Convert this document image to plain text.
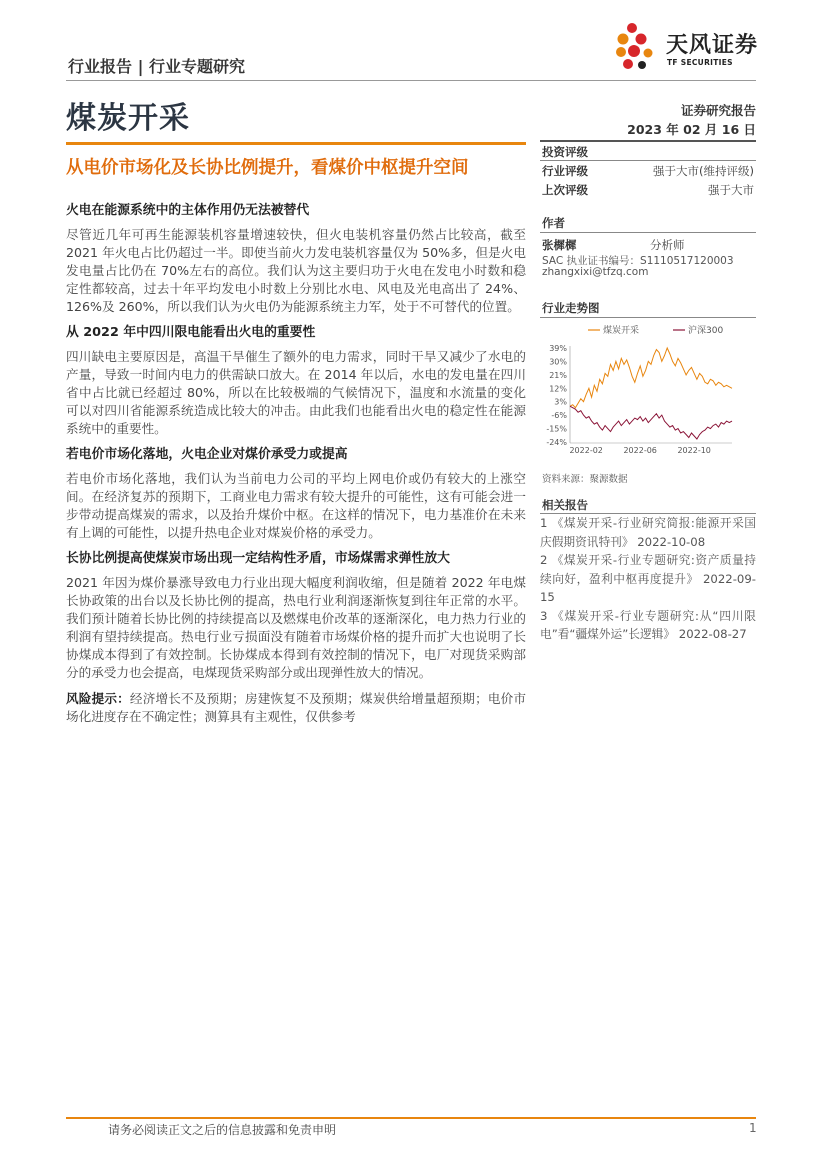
行业报告 | 行业专题研究
天风证券
TF SECURITIES
煤炭开采	证券研究报告
2023 年 02 月 16 日
从电价市场化及长协比例提升，看煤价中枢提升空间
火电在能源系统中的主体作用仍无法被替代

尽管近几年可再生能源装机容量增速较快，但火电装机容量仍然占比较高，截至 2021 年火电占比仍超过一半。即使当前火力发电装机容量仅为 50%多，但是火电发电量占比仍在 70%左右的高位。我们认为这主要归功于火电在发电小时数和稳定性都较高，过去十年平均发电小时数上分别比水电、风电及光电高出了 24%、126%及 260%，所以我们认为火电仍为能源系统主力军，处于不可替代的位置。

从 2022 年中四川限电能看出火电的重要性

四川缺电主要原因是，高温干旱催生了额外的电力需求，同时干旱又减少了水电的产量，导致一时间内电力的供需缺口放大。在 2014 年以后，水电的发电量在四川省中占比就已经超过 80%，所以在比较极端的气候情况下，温度和水流量的变化可以对四川省能源系统造成比较大的冲击。由此我们也能看出火电的稳定性在能源系统中的重要性。

若电价市场化落地，火电企业对煤价承受力或提高

若电价市场化落地，我们认为当前电力公司的平均上网电价或仍有较大的上涨空间。在经济复苏的预期下，工商业电力需求有较大提升的可能性，这有可能会进一步带动提高煤炭的需求，以及抬升煤价中枢。在这样的情况下，电力基准价在未来有上调的可能性，以提升热电企业对煤炭价格的承受力。

长协比例提高使煤炭市场出现一定结构性矛盾，市场煤需求弹性放大

2021 年因为煤价暴涨导致电力行业出现大幅度利润收缩，但是随着 2022 年电煤长协政策的出台以及长协比例的提高，热电行业利润逐渐恢复到往年正常的水平。我们预计随着长协比例的持续提高以及燃煤电价改革的逐渐深化，电力热力行业的利润有望持续提高。热电行业亏损面没有随着市场煤价格的提升而扩大也说明了长协煤成本得到了有效控制。长协煤成本得到有效控制的情况下，电厂对现货采购部分的承受力也会提高，电煤现货采购部分或出现弹性放大的情况。

风险提示：经济增长不及预期；房建恢复不及预期；煤炭供给增量超预期；电价市场化进度存在不确定性；测算具有主观性，仅供参考

投资评级
行业评级	强于大市(维持评级)
上次评级	强于大市
作者
张樨樨	分析师
SAC 执业证书编号：S1110517120003
zhangxixi@tfzq.com
行业走势图
煤炭开采	沪深300
39%
30%
21%
12%
3%
-6%
-15%
-24%
2022-02	2022-06	2022-10
资料来源：聚源数据
相关报告
1 《煤炭开采-行业研究简报:能源开采国庆假期资讯特刊》 2022-10-08
2 《煤炭开采-行业专题研究:资产质量持续向好，盈利中枢再度提升》 2022-09-15
3 《煤炭开采-行业专题研究:从“四川限电”看“疆煤外运”长逻辑》 2022-08-27
请务必阅读正文之后的信息披露和免责申明	1
